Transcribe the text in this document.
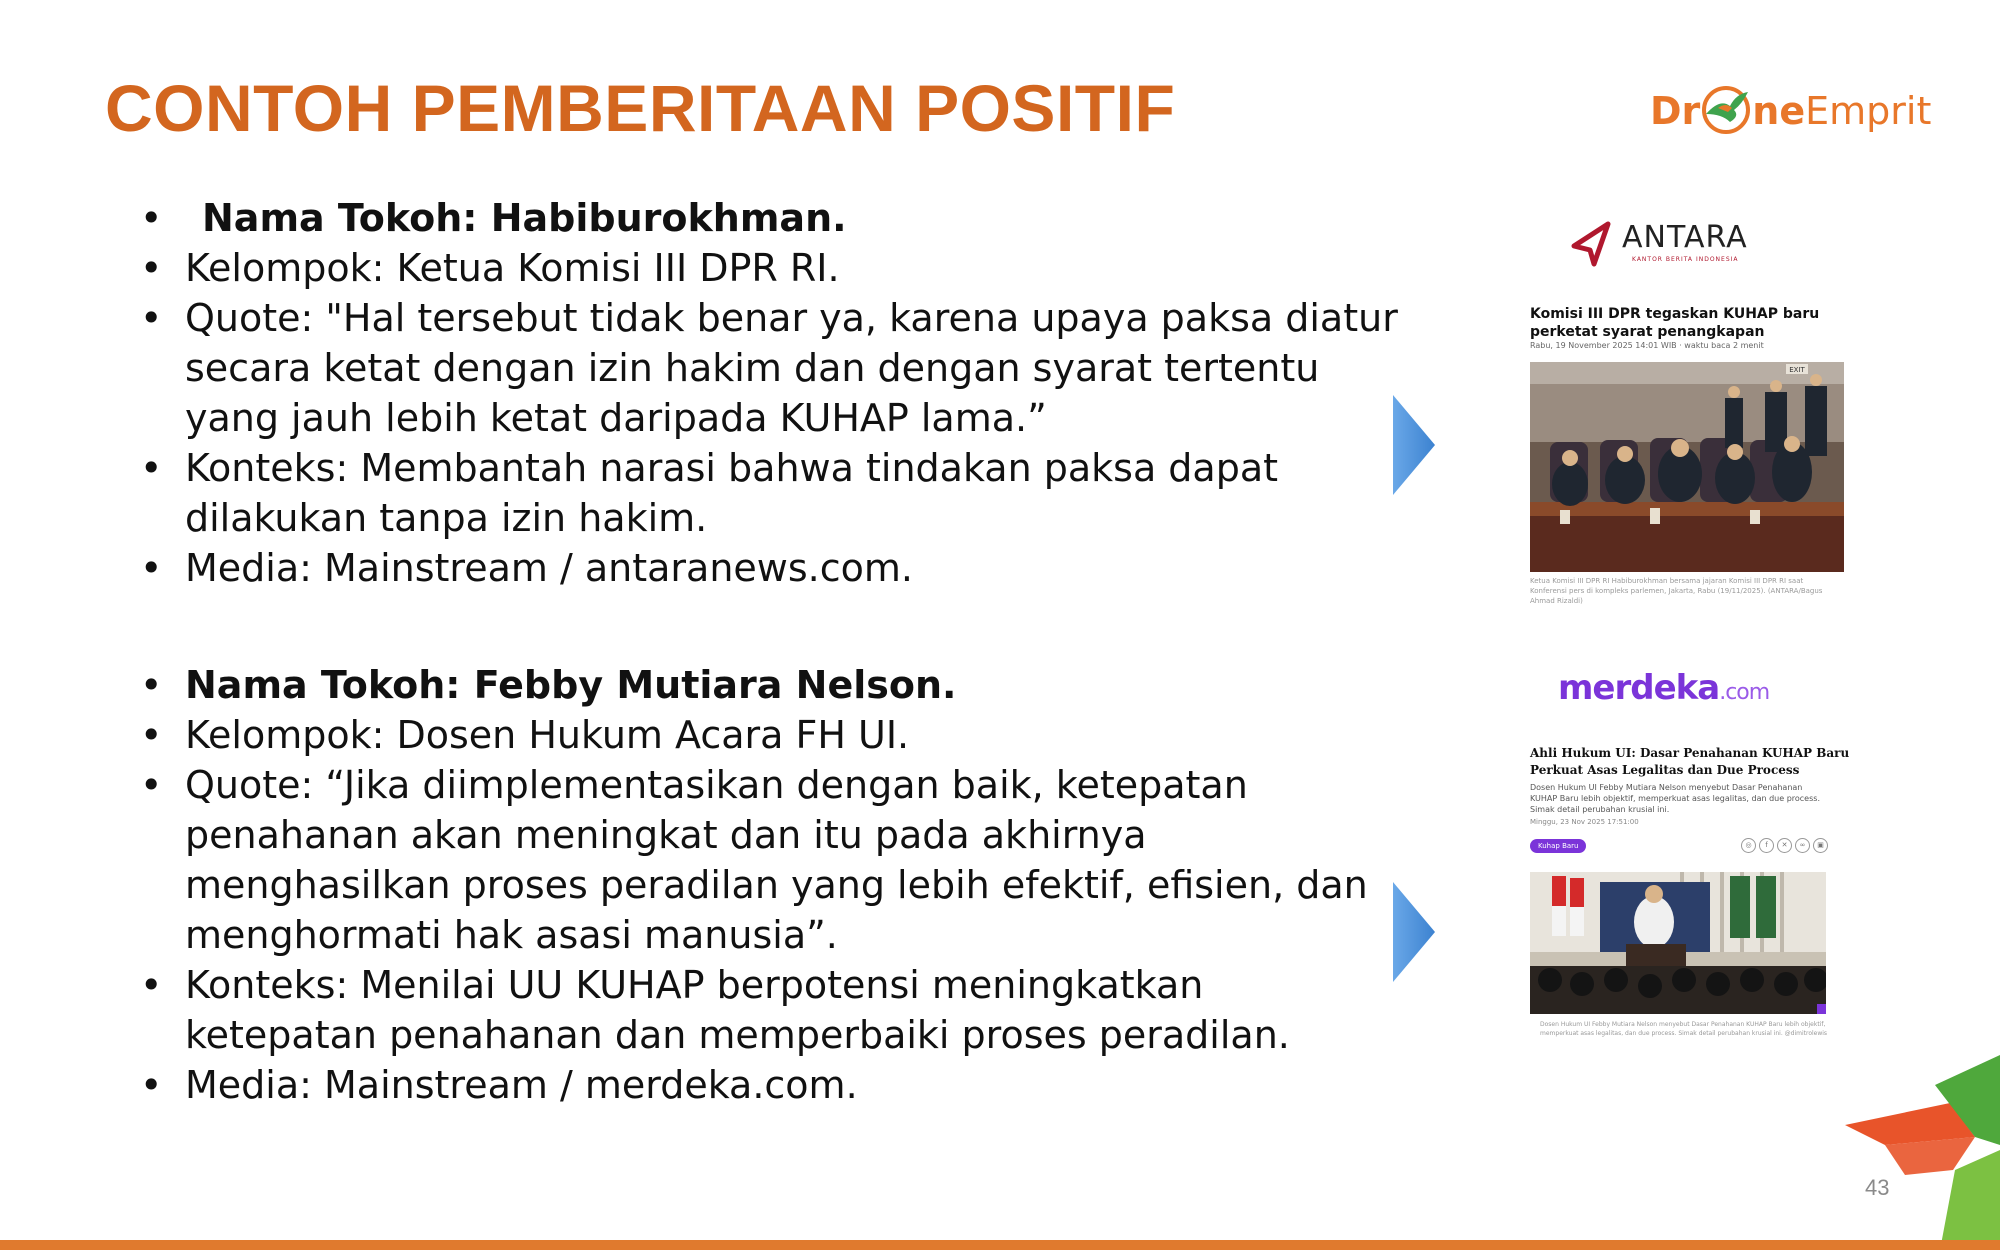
CONTOH PEMBERITAAN POSITIF	Dr neEmprit
• Nama Tokoh: Habiburokhman.
• Kelompok: Ketua Komisi III DPR RI.
• Quote: "Hal tersebut tidak benar ya, karena upaya paksa diatur secara ketat dengan izin hakim dan dengan syarat tertentu yang jauh lebih ketat daripada KUHAP lama.”
• Konteks: Membantah narasi bahwa tindakan paksa dapat dilakukan tanpa izin hakim.
• Media: Mainstream / antaranews.com.
• Nama Tokoh: Febby Mutiara Nelson.
• Kelompok: Dosen Hukum Acara FH UI.
• Quote: “Jika diimplementasikan dengan baik, ketepatan penahanan akan meningkat dan itu pada akhirnya menghasilkan proses peradilan yang lebih efektif, efisien, dan menghormati hak asasi manusia”.
• Konteks: Menilai UU KUHAP berpotensi meningkatkan ketepatan penahanan dan memperbaiki proses peradilan.
• Media: Mainstream / merdeka.com.
ANTARA
KANTOR BERITA INDONESIA
Komisi III DPR tegaskan KUHAP baru perketat syarat penangkapan
Rabu, 19 November 2025 14:01 WIB · waktu baca 2 menit
EXIT
Ketua Komisi III DPR RI Habiburokhman bersama jajaran Komisi III DPR RI saat Konferensi pers di kompleks parlemen, Jakarta, Rabu (19/11/2025). (ANTARA/Bagus Ahmad Rizaldi)
merdeka.com
Ahli Hukum UI: Dasar Penahanan KUHAP Baru Perkuat Asas Legalitas dan Due Process
Dosen Hukum UI Febby Mutiara Nelson menyebut Dasar Penahanan KUHAP Baru lebih objektif, memperkuat asas legalitas, dan due process. Simak detail perubahan krusial ini.
Minggu, 23 Nov 2025 17:51:00
Kuhap Baru	◎	f	✕	∞	▣
Dosen Hukum UI Febby Mutiara Nelson menyebut Dasar Penahanan KUHAP Baru lebih objektif, memperkuat asas legalitas, dan due process. Simak detail perubahan krusial ini. @dimitrolewis
43
